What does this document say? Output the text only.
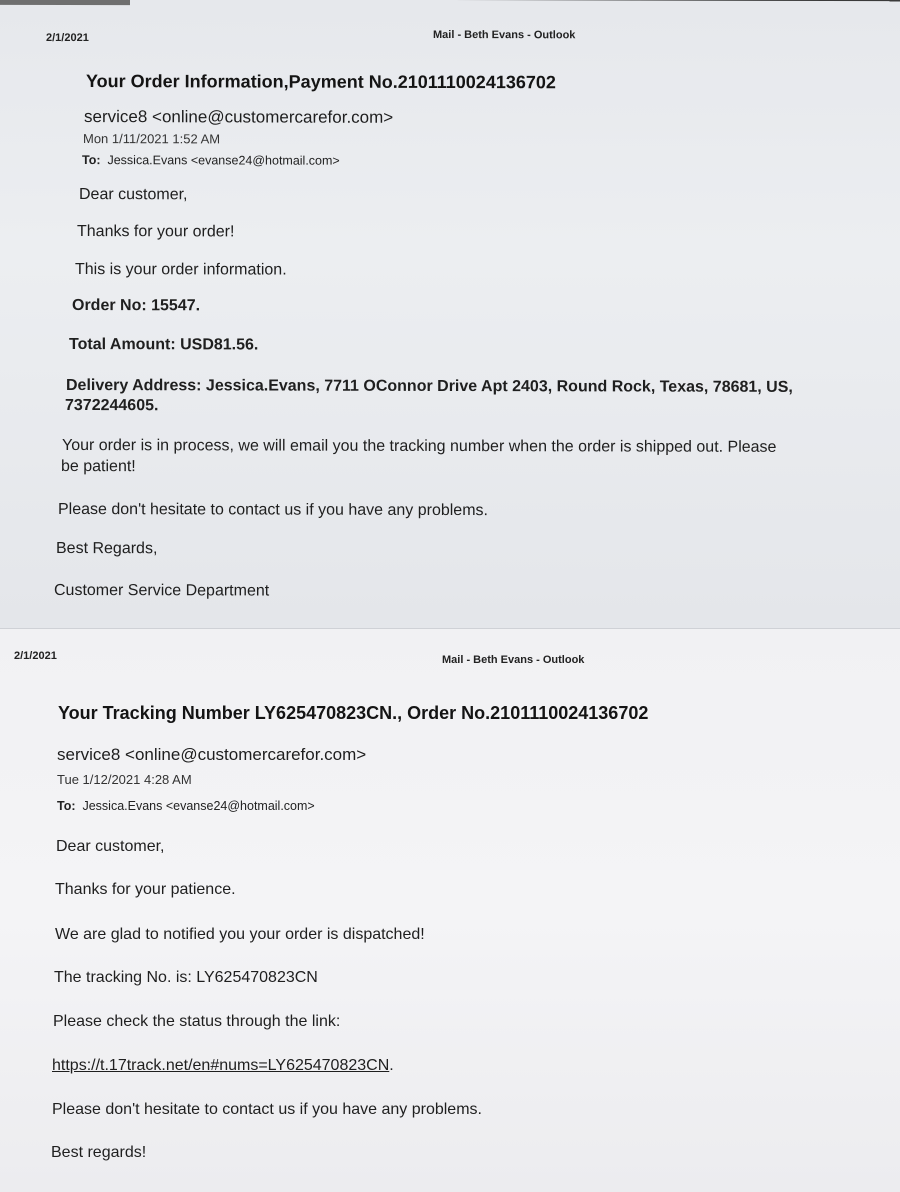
2/1/2021	Mail - Beth Evans - Outlook
Your Order Information,Payment No.2101110024136702
service8 <online@customercarefor.com>
Mon 1/11/2021 1:52 AM
To: Jessica.Evans <evanse24@hotmail.com>
Dear customer,
Thanks for your order!
This is your order information.
Order No: 15547.
Total Amount: USD81.56.
Delivery Address: Jessica.Evans, 7711 OConnor Drive Apt 2403, Round Rock, Texas, 78681, US,
7372244605.
Your order is in process, we will email you the tracking number when the order is shipped out. Please
be patient!
Please don't hesitate to contact us if you have any problems.
Best Regards,
Customer Service Department
2/1/2021	Mail - Beth Evans - Outlook
Your Tracking Number LY625470823CN., Order No.2101110024136702
service8 <online@customercarefor.com>
Tue 1/12/2021 4:28 AM
To: Jessica.Evans <evanse24@hotmail.com>
Dear customer,
Thanks for your patience.
We are glad to notified you your order is dispatched!
The tracking No. is: LY625470823CN
Please check the status through the link:
https://t.17track.net/en#nums=LY625470823CN.
Please don't hesitate to contact us if you have any problems.
Best regards!
